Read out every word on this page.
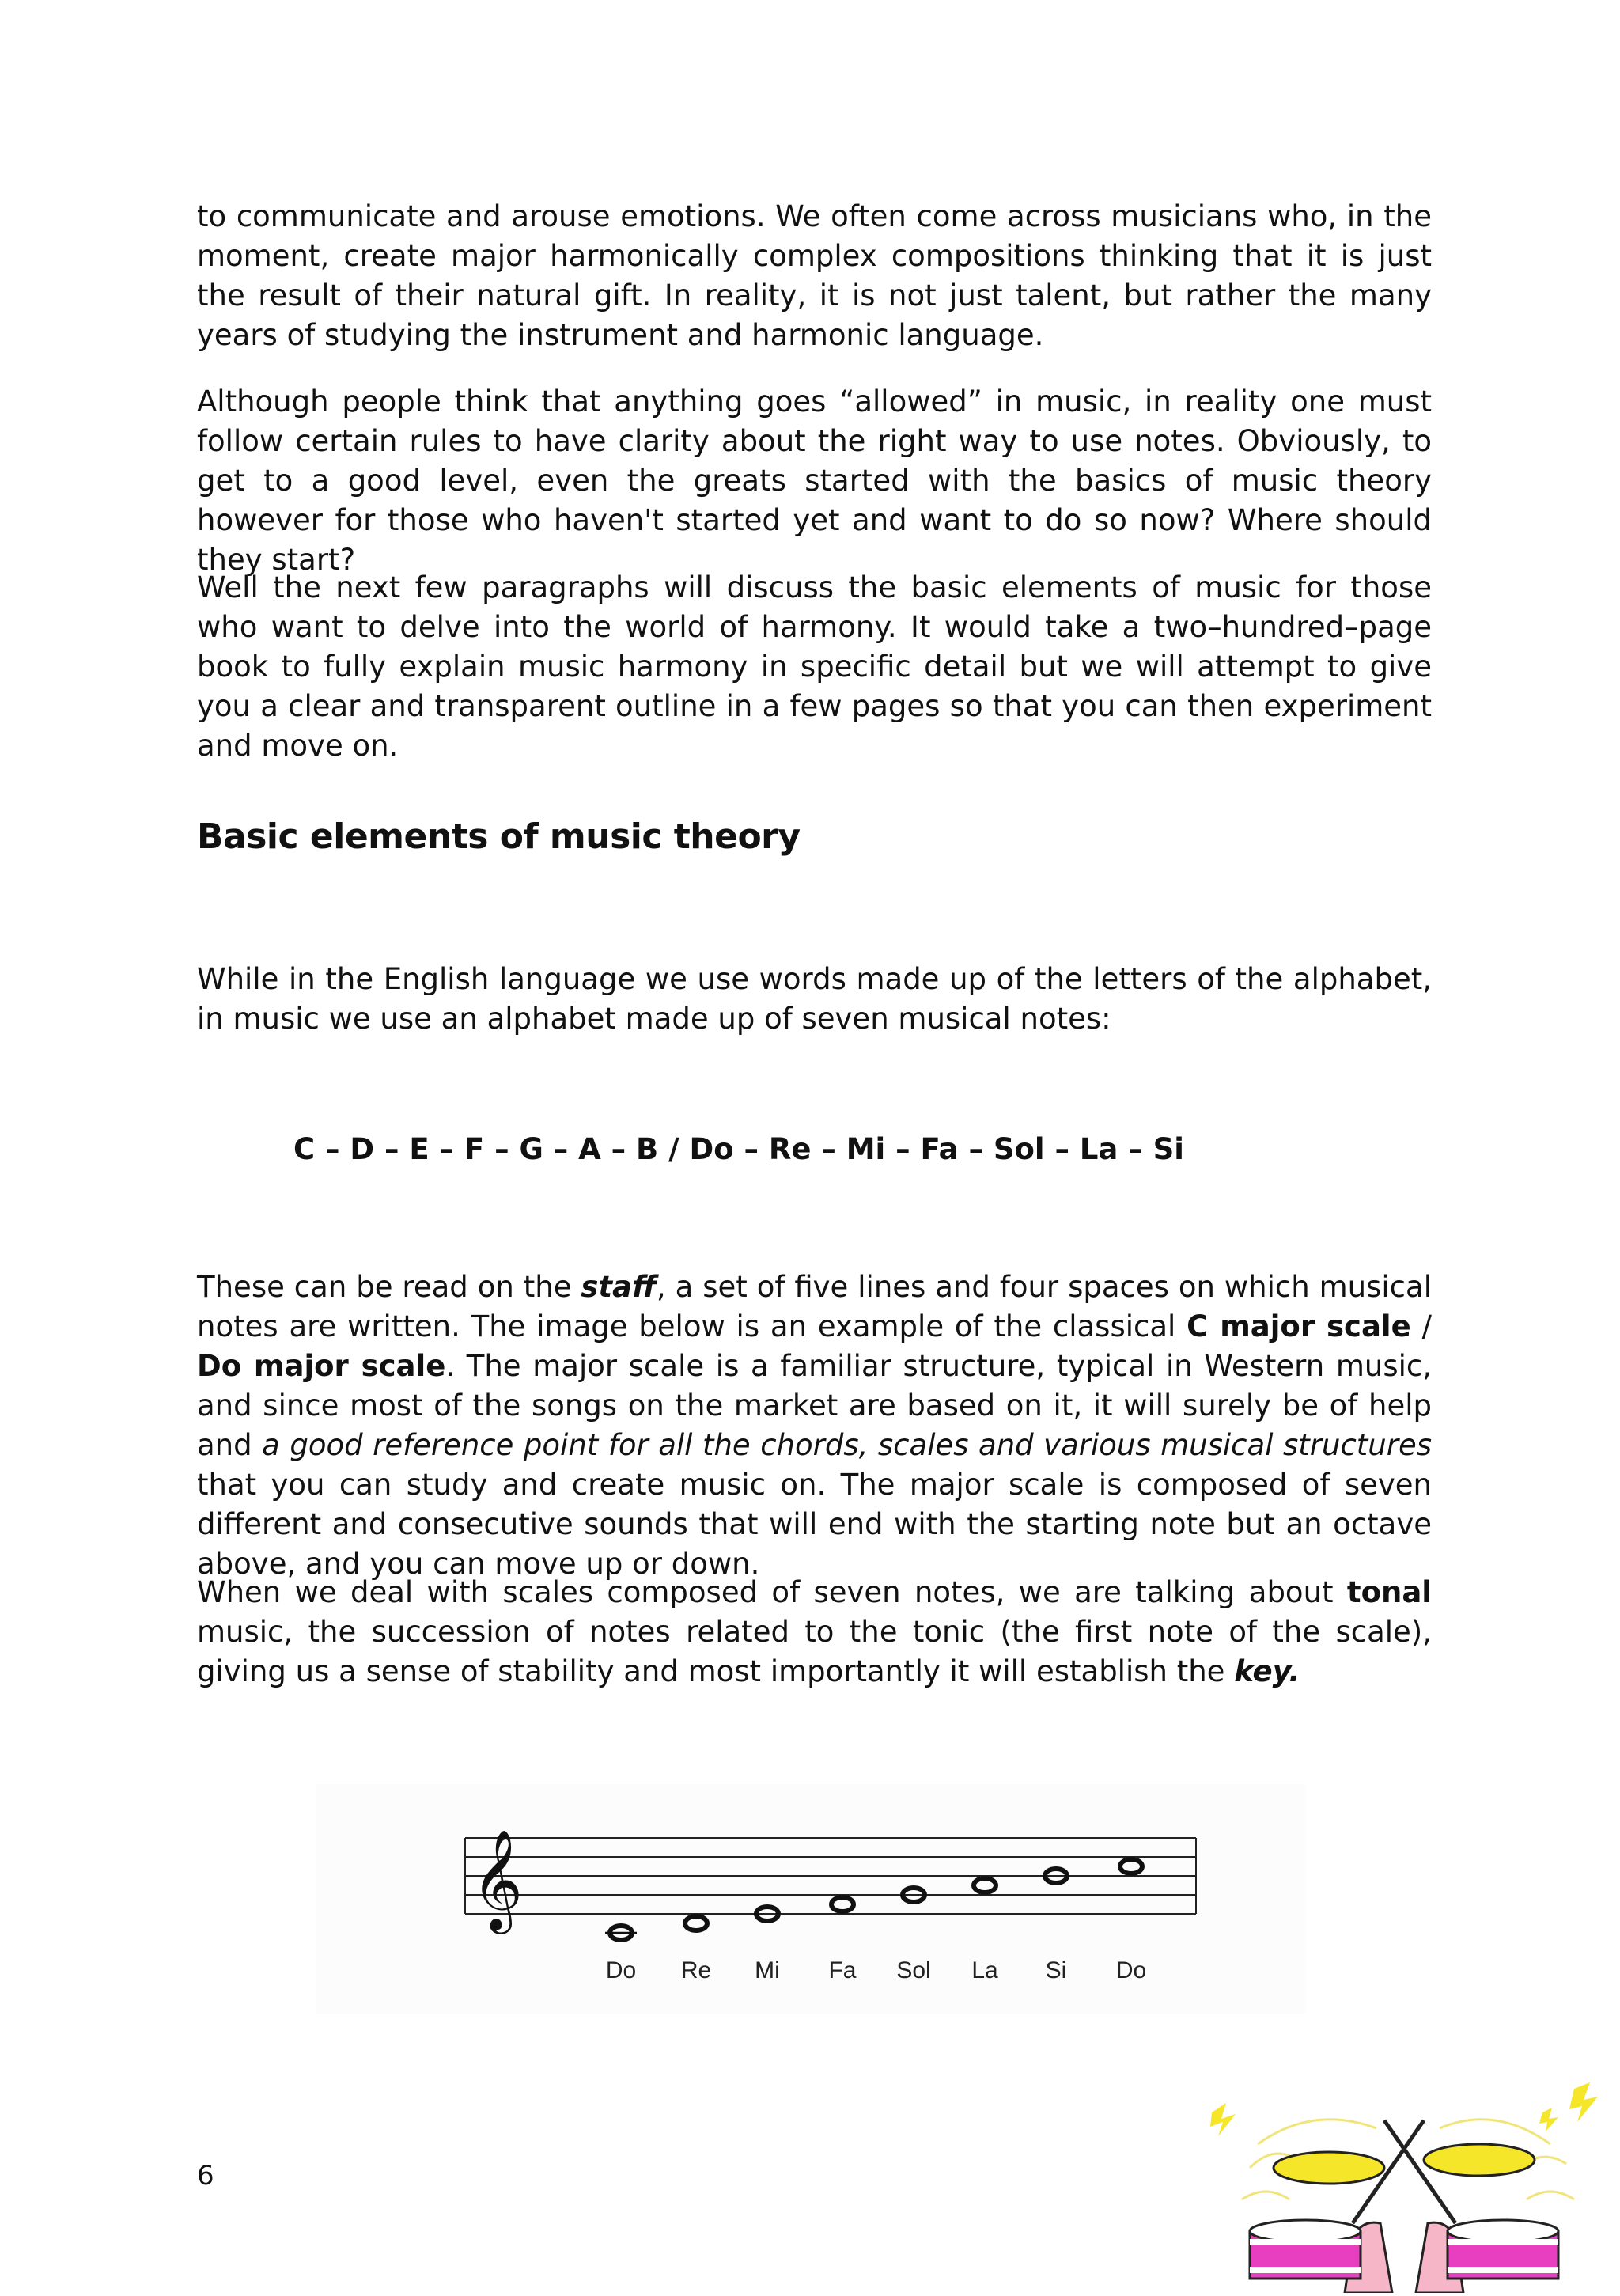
to communicate and arouse emotions. We often come across musicians who, in the moment, create major harmonically complex compositions thinking that it is just the result of their natural gift. In reality, it is not just talent, but rather the many years of studying the instrument and harmonic language.

Although people think that anything goes “allowed” in music, in reality one must follow certain rules to have clarity about the right way to use notes. Obviously, to get to a good level, even the greats started with the basics of music theory however for those who haven't started yet and want to do so now? Where should they start?

Well the next few paragraphs will discuss the basic elements of music for those who want to delve into the world of harmony. It would take a two–hundred–page book to fully explain music harmony in specific detail but we will attempt to give you a clear and transparent outline in a few pages so that you can then experiment and move on.

Basic elements of music theory

While in the English language we use words made up of the letters of the alphabet, in music we use an alphabet made up of seven musical notes:

C – D – E – F – G – A – B / Do – Re – Mi – Fa – Sol – La – Si

These can be read on the staff, a set of five lines and four spaces on which musical notes are written. The image below is an example of the classical C major scale / Do major scale. The major scale is a familiar structure, typical in Western music, and since most of the songs on the market are based on it, it will surely be of help and a good reference point for all the chords, scales and various musical structures that you can study and create music on. The major scale is composed of seven different and consecutive sounds that will end with the starting note but an octave above, and you can move up or down.

When we deal with scales composed of seven notes, we are talking about tonal music, the succession of notes related to the tonic (the first note of the scale), giving us a sense of stability and most importantly it will establish the key.

𝄞
Do Re Mi Fa Sol La Si Do
6
